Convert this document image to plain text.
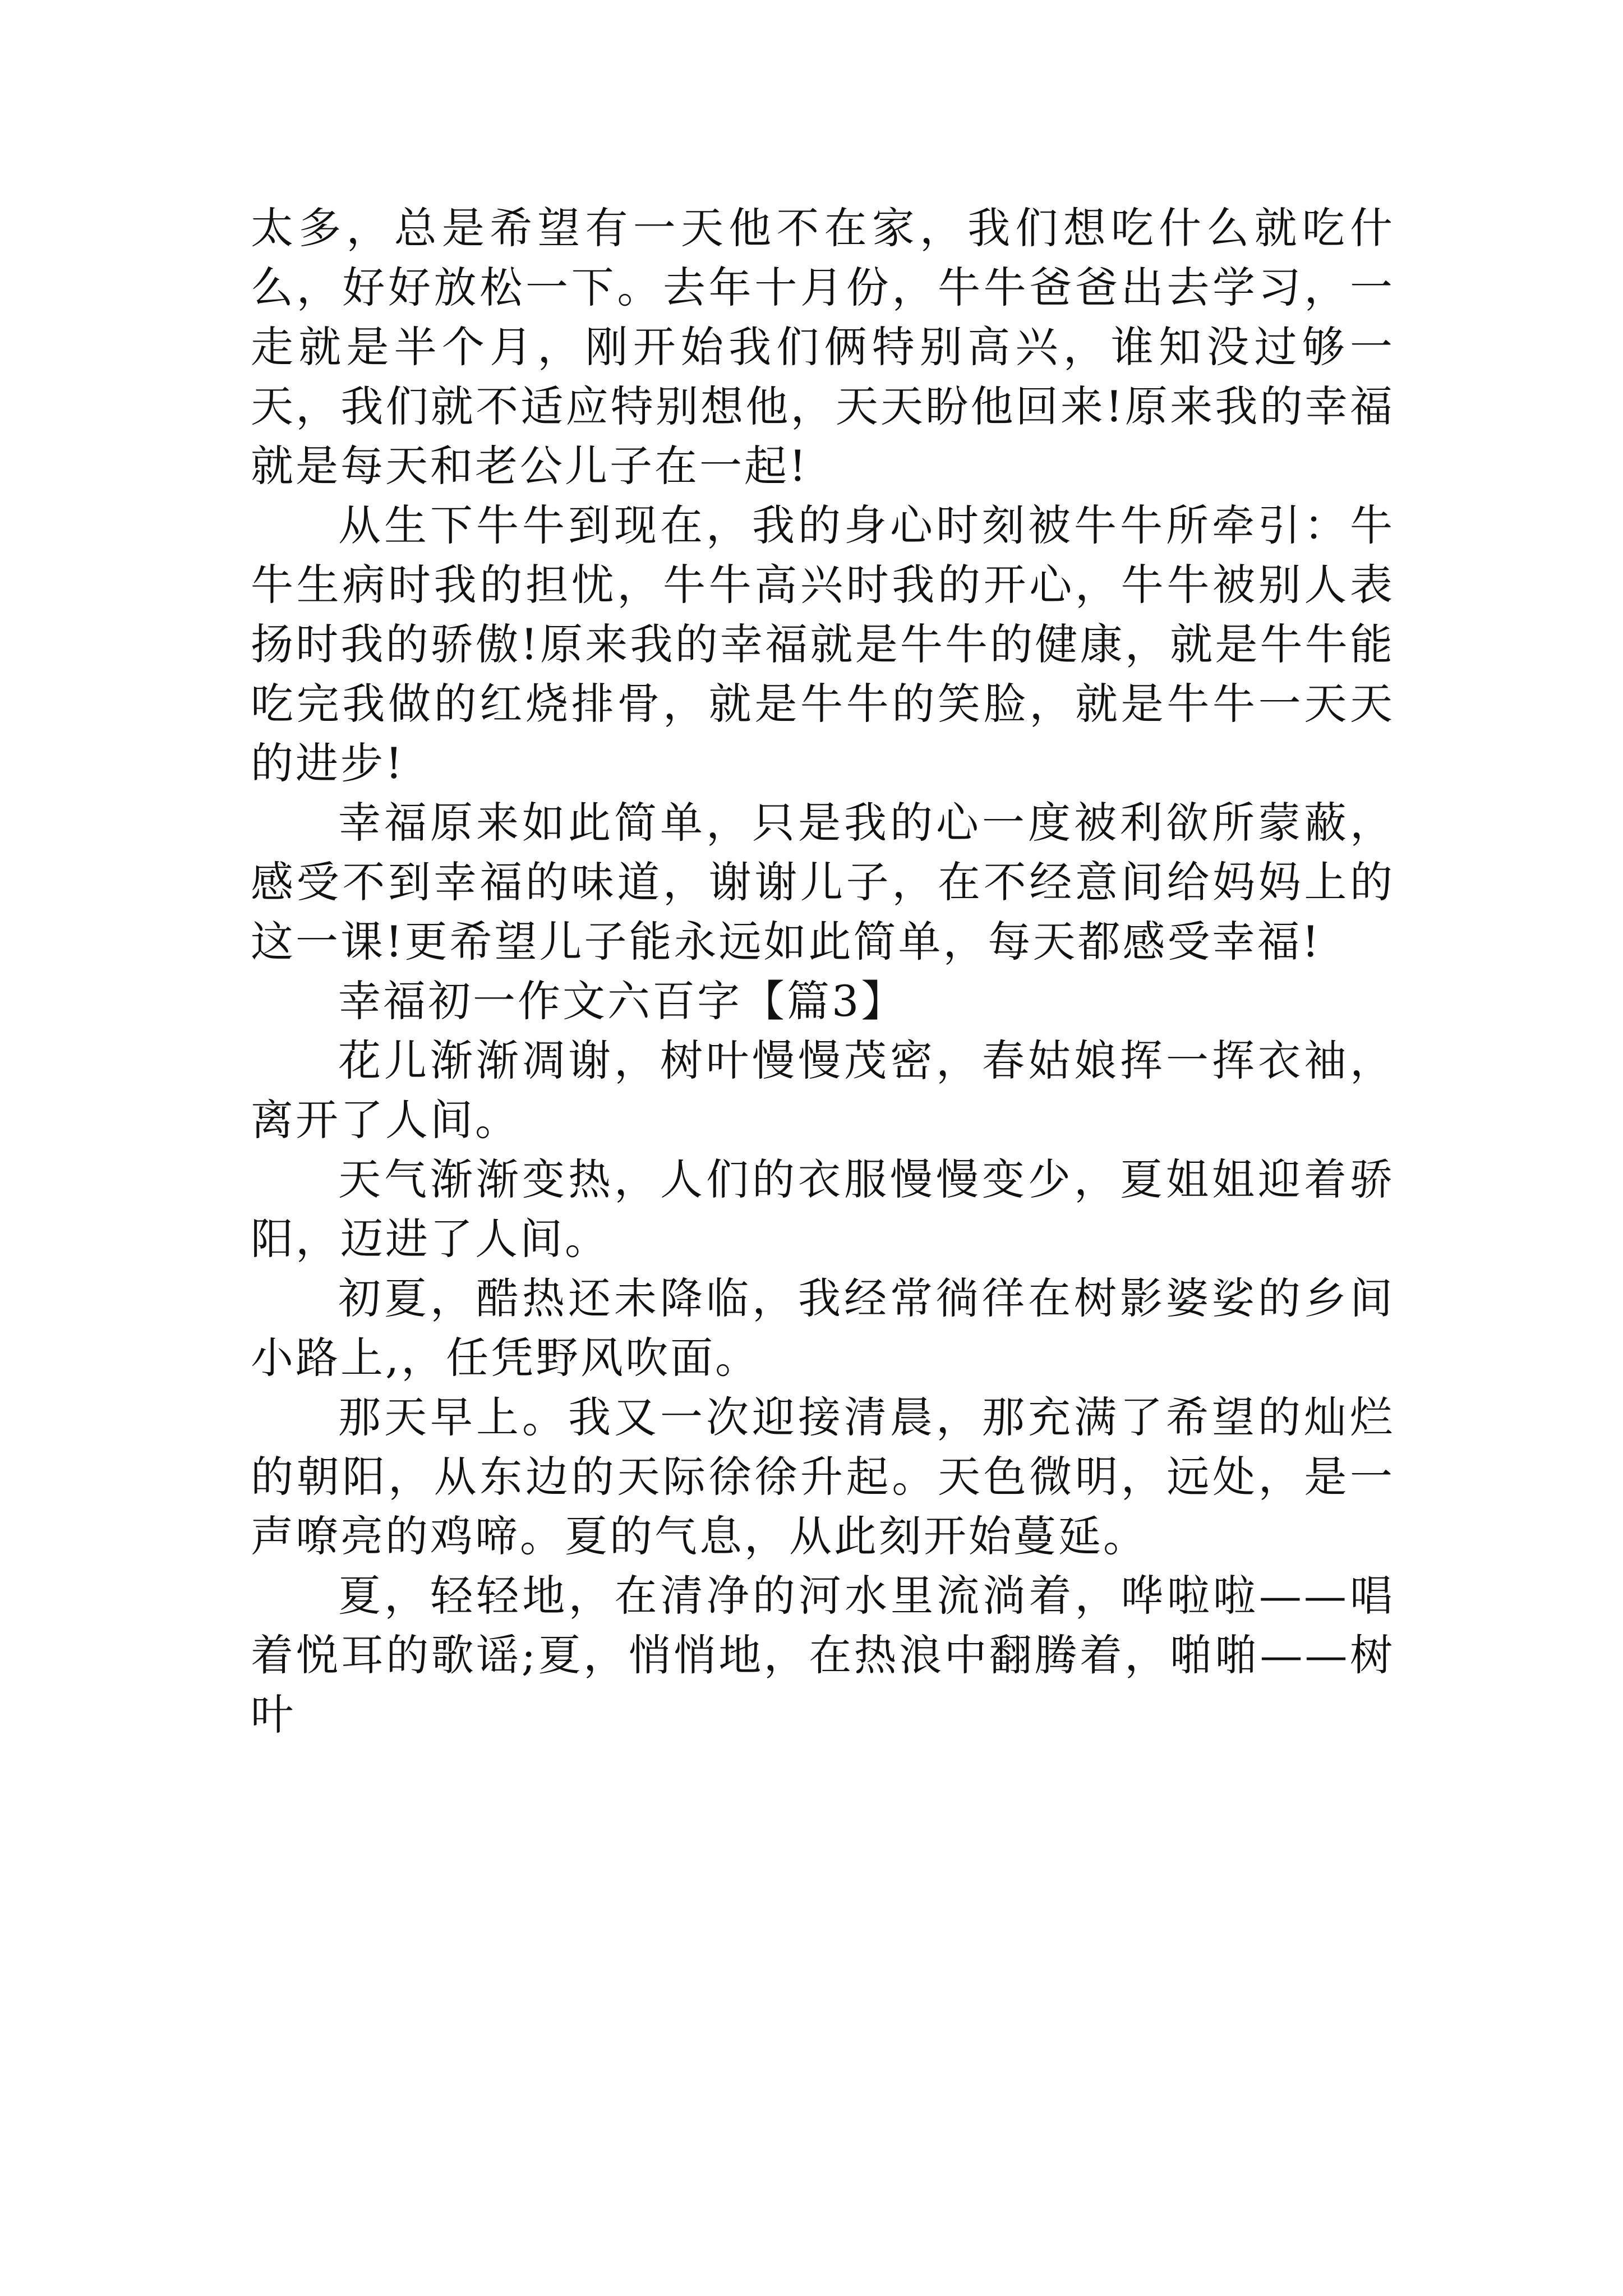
太多，总是希望有一天他不在家，我们想吃什么就吃什么，好好放松一下。去年十月份，牛牛爸爸出去学习，一走就是半个月，刚开始我们俩特别高兴，谁知没过够一天，我们就不适应特别想他，天天盼他回来!原来我的幸福就是每天和老公儿子在一起!

从生下牛牛到现在，我的身心时刻被牛牛所牵引：牛牛生病时我的担忧，牛牛高兴时我的开心，牛牛被别人表扬时我的骄傲!原来我的幸福就是牛牛的健康，就是牛牛能吃完我做的红烧排骨，就是牛牛的笑脸，就是牛牛一天天的进步!

幸福原来如此简单，只是我的心一度被利欲所蒙蔽，感受不到幸福的味道，谢谢儿子，在不经意间给妈妈上的这一课!更希望儿子能永远如此简单，每天都感受幸福!

幸福初一作文六百字【篇3】

花儿渐渐凋谢，树叶慢慢茂密，春姑娘挥一挥衣袖，离开了人间。

天气渐渐变热，人们的衣服慢慢变少，夏姐姐迎着骄阳，迈进了人间。

初夏，酷热还未降临，我经常徜徉在树影婆娑的乡间小路上,，任凭野风吹面。

那天早上。我又一次迎接清晨，那充满了希望的灿烂的朝阳，从东边的天际徐徐升起。天色微明，远处，是一声嘹亮的鸡啼。夏的气息，从此刻开始蔓延。

夏，轻轻地，在清净的河水里流淌着，哗啦啦——唱着悦耳的歌谣;夏，悄悄地，在热浪中翻腾着，啪啪——树叶
